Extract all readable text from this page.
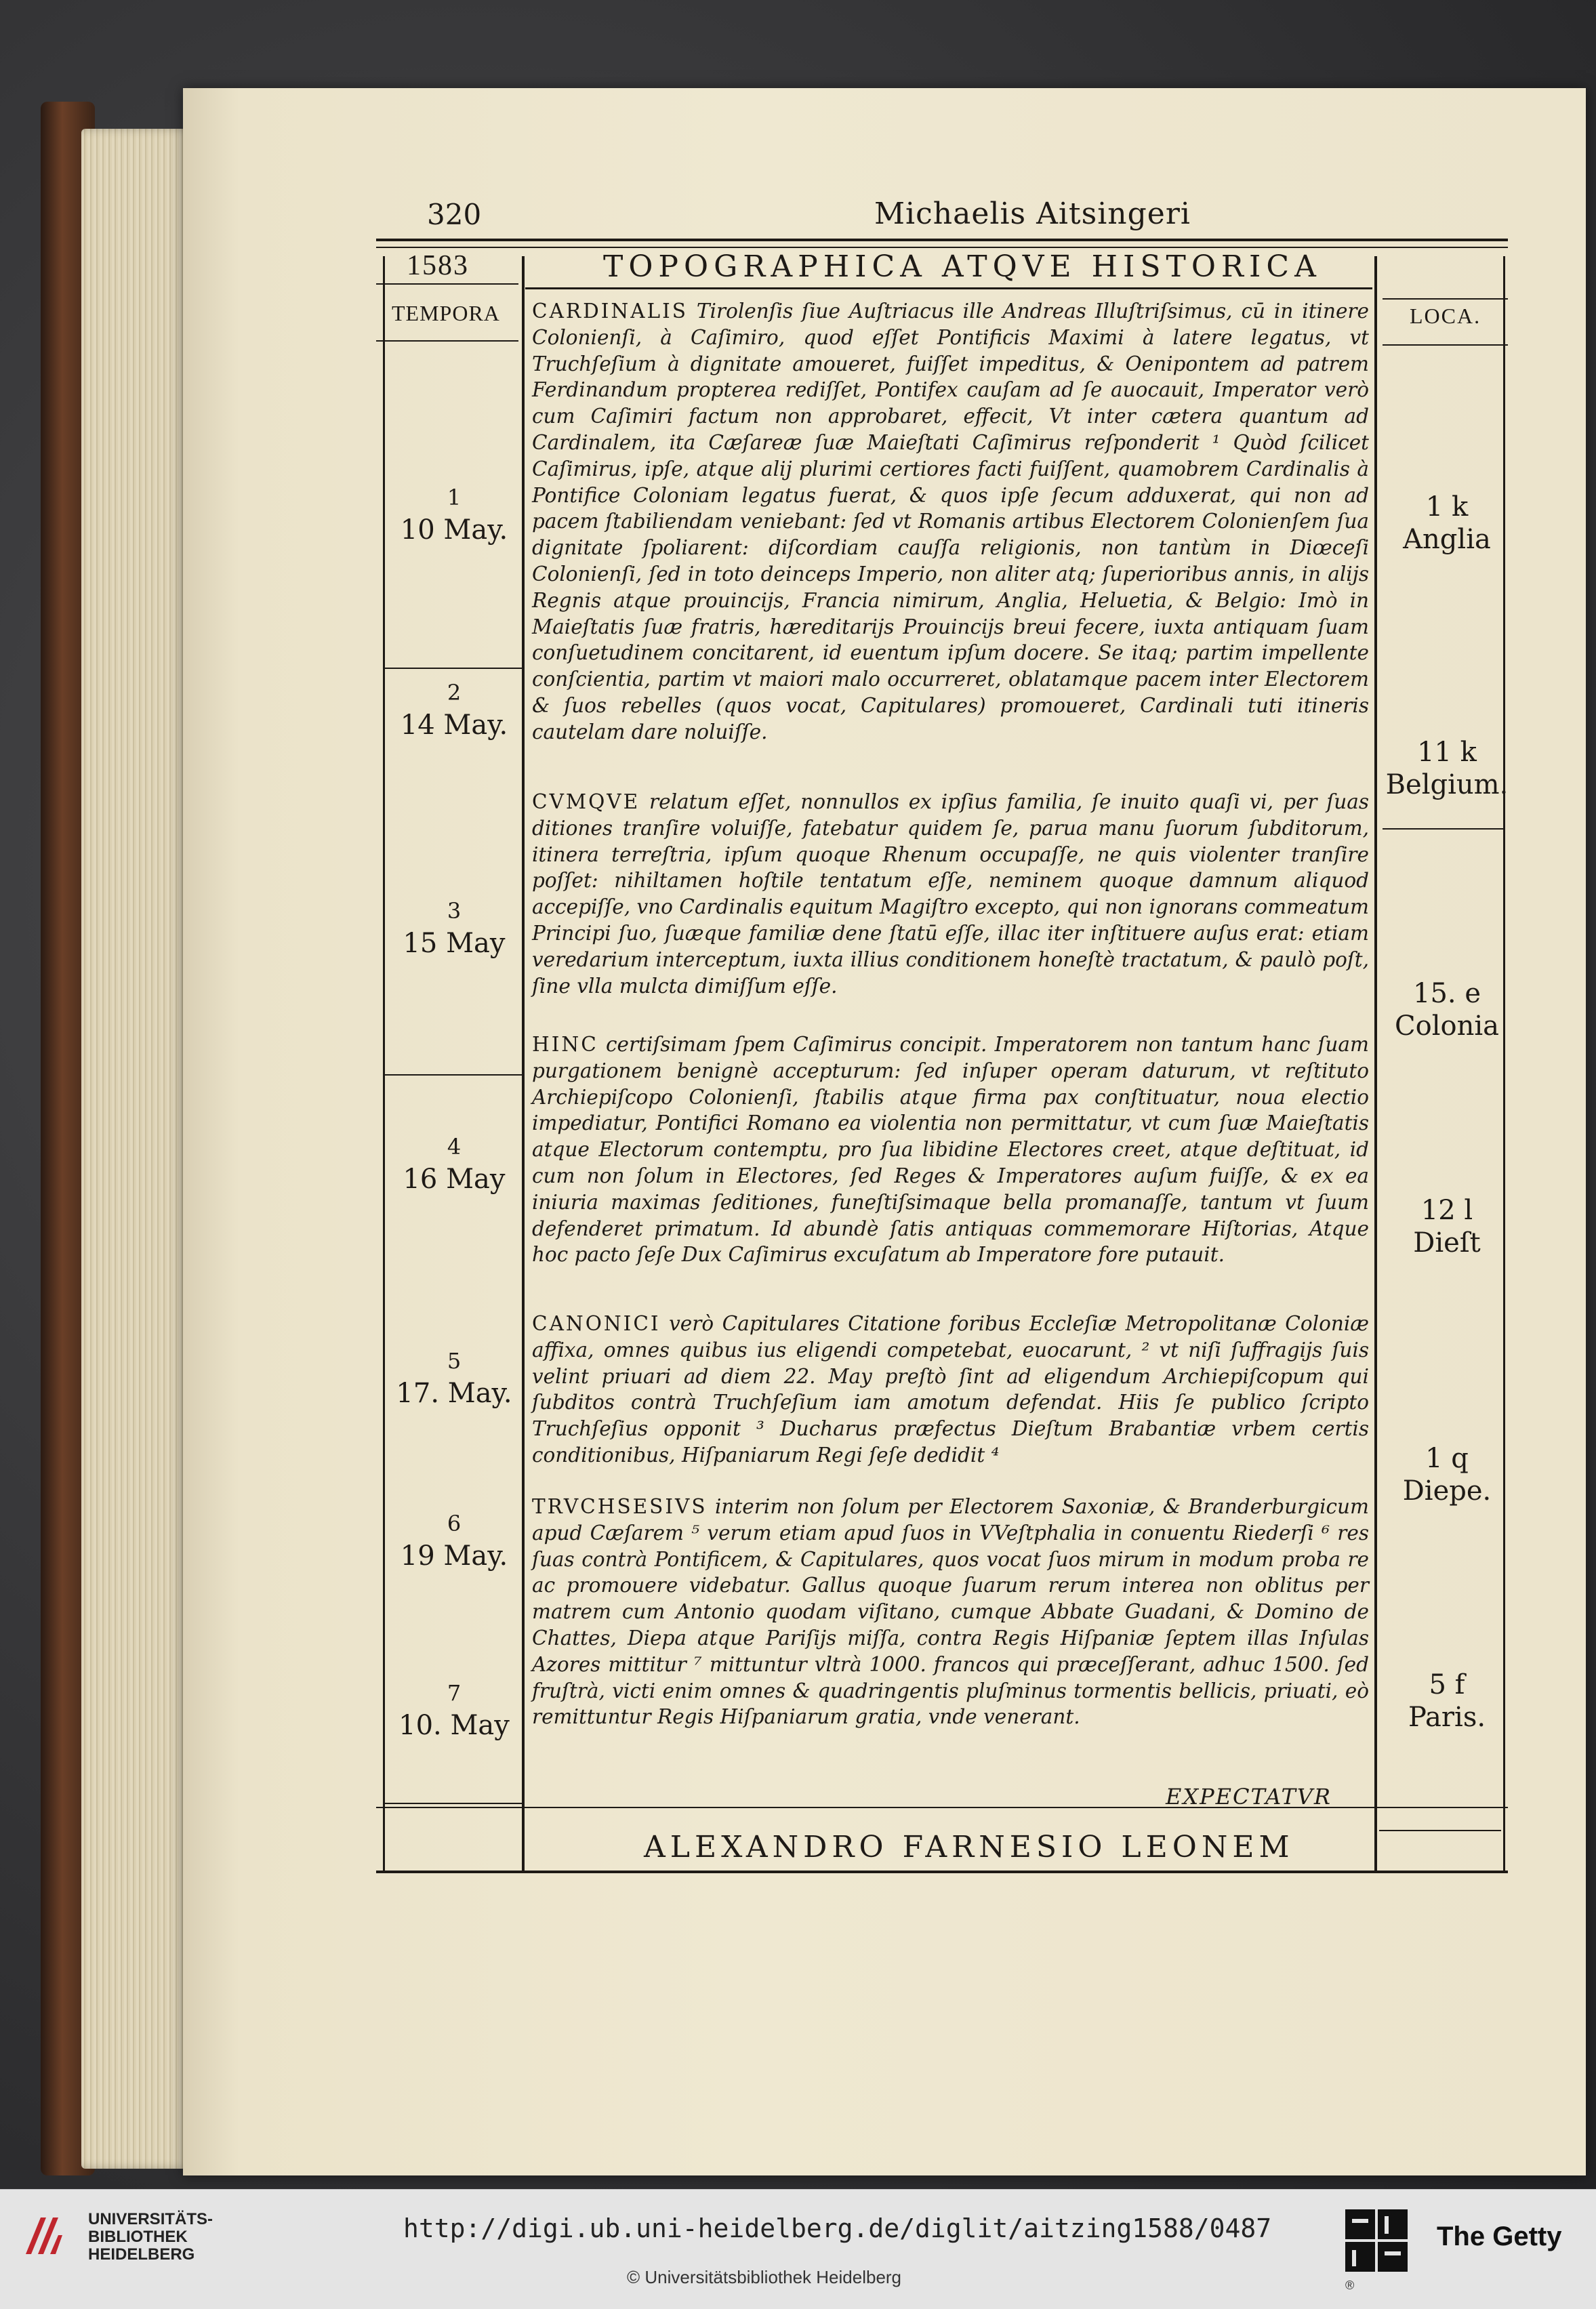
320	Michaelis Aitsingeri
1583
TEMPORA
TOPOGRAPHICA ATQVE HISTORICA
LOCA.
1
10 May.
2
14 May.
3
15 May
4
16 May
5
17. May.
6
19 May.
7
10. May
1 k
Anglia
11 k
Belgium.
15. e
Colonia
12 l
Dieſt
1 q
Diepe.
5 f
Paris.
CARDINALIS Tirolenſis ſiue Auſtriacus ille Andreas Illuſtriſsimus, cū in itinere Colonienſi, à Caſimiro, quod eſſet Pontificis Maximi à latere legatus, vt Truchſeſium à dignitate amoueret, fuiſſet impeditus, & Oenipontem ad patrem Ferdinandum propterea rediſſet, Pontifex cauſam ad ſe auocauit, Imperator verò cum Caſimiri factum non approbaret, effecit, Vt inter cætera quantum ad Cardinalem, ita Cæſareæ ſuæ Maieſtati Caſimirus reſponderit ¹ Quòd ſcilicet Caſimirus, ipſe, atque alij plurimi certiores facti fuiſſent, quamobrem Cardinalis à Pontifice Coloniam legatus fuerat, & quos ipſe ſecum adduxerat, qui non ad pacem ſtabiliendam veniebant: ſed vt Romanis artibus Electorem Colonienſem ſua dignitate ſpoliarent: diſcordiam cauſſa religionis, non tantùm in Diœceſi Colonienſi, ſed in toto deinceps Imperio, non aliter atq; ſuperioribus annis, in alijs Regnis atque prouincijs, Francia nimirum, Anglia, Heluetia, & Belgio: Imò in Maieſtatis ſuæ fratris, hæreditarijs Prouincijs breui fecere, iuxta antiquam ſuam conſuetudinem concitarent, id euentum ipſum docere. Se itaq; partim impellente conſcientia, partim vt maiori malo occurreret, oblatamque pacem inter Electorem & ſuos rebelles (quos vocat, Capitulares) promoueret, Cardinali tuti itineris cautelam dare noluiſſe.
CVMQVE relatum eſſet, nonnullos ex ipſius familia, ſe inuito quaſi vi, per ſuas ditiones tranſire voluiſſe, fatebatur quidem ſe, parua manu ſuorum ſubditorum, itinera terreſtria, ipſum quoque Rhenum occupaſſe, ne quis violenter tranſire poſſet: nihiltamen hoſtile tentatum eſſe, neminem quoque damnum aliquod accepiſſe, vno Cardinalis equitum Magiſtro excepto, qui non ignorans commeatum Principi ſuo, ſuæque familiæ dene ſtatū eſſe, illac iter inſtituere auſus erat: etiam veredarium interceptum, iuxta illius conditionem honeſtè tractatum, & paulò poſt, ſine vlla mulcta dimiſſum eſſe.
HINC certiſsimam ſpem Caſimirus concipit. Imperatorem non tantum hanc ſuam purgationem benignè accepturum: ſed inſuper operam daturum, vt reſtituto Archiepiſcopo Colonienſi, ſtabilis atque firma pax conſtituatur, noua electio impediatur, Pontifici Romano ea violentia non permittatur, vt cum ſuæ Maieſtatis atque Electorum contemptu, pro ſua libidine Electores creet, atque deſtituat, id cum non ſolum in Electores, ſed Reges & Imperatores auſum fuiſſe, & ex ea iniuria maximas ſeditiones, funeſtiſsimaque bella promanaſſe, tantum vt ſuum defenderet primatum. Id abundè ſatis antiquas commemorare Hiſtorias, Atque hoc pacto ſeſe Dux Caſimirus excuſatum ab Imperatore fore putauit.
CANONICI verò Capitulares Citatione foribus Eccleſiæ Metropolitanæ Coloniæ affixa, omnes quibus ius eligendi competebat, euocarunt, ² vt niſi ſuffragijs ſuis velint priuari ad diem 22. May preſtò ſint ad eligendum Archiepiſcopum qui ſubditos contrà Truchſeſium iam amotum defendat. Hiis ſe publico ſcripto Truchſeſius opponit ³ Ducharus præfectus Dieſtum Brabantiæ vrbem certis conditionibus, Hiſpaniarum Regi ſeſe dedidit ⁴
TRVCHSESIVS interim non ſolum per Electorem Saxoniæ, & Branderburgicum apud Cæſarem ⁵ verum etiam apud ſuos in VVeſtphalia in conuentu Riederſi ⁶ res ſuas contrà Pontificem, & Capitulares, quos vocat ſuos mirum in modum proba re ac promouere videbatur. Gallus quoque ſuarum rerum interea non oblitus per matrem cum Antonio quodam viſitano, cumque Abbate Guadani, & Domino de Chattes, Diepa atque Pariſijs miſſa, contra Regis Hiſpaniæ ſeptem illas Inſulas Azores mittitur ⁷ mittuntur vltrà 1000. francos qui præceſſerant, adhuc 1500. ſed fruſtrà, victi enim omnes & quadringentis pluſminus tormentis bellicis, priuati, eò remittuntur Regis Hiſpaniarum gratia, vnde venerant.
EXPECTATVR
ALEXANDRO FARNESIO LEONEM
UNIVERSITÄTS-
BIBLIOTHEK
HEIDELBERG
http://digi.ub.uni-heidelberg.de/diglit/aitzing1588/0487
© Universitätsbibliothek Heidelberg	®
The Getty
